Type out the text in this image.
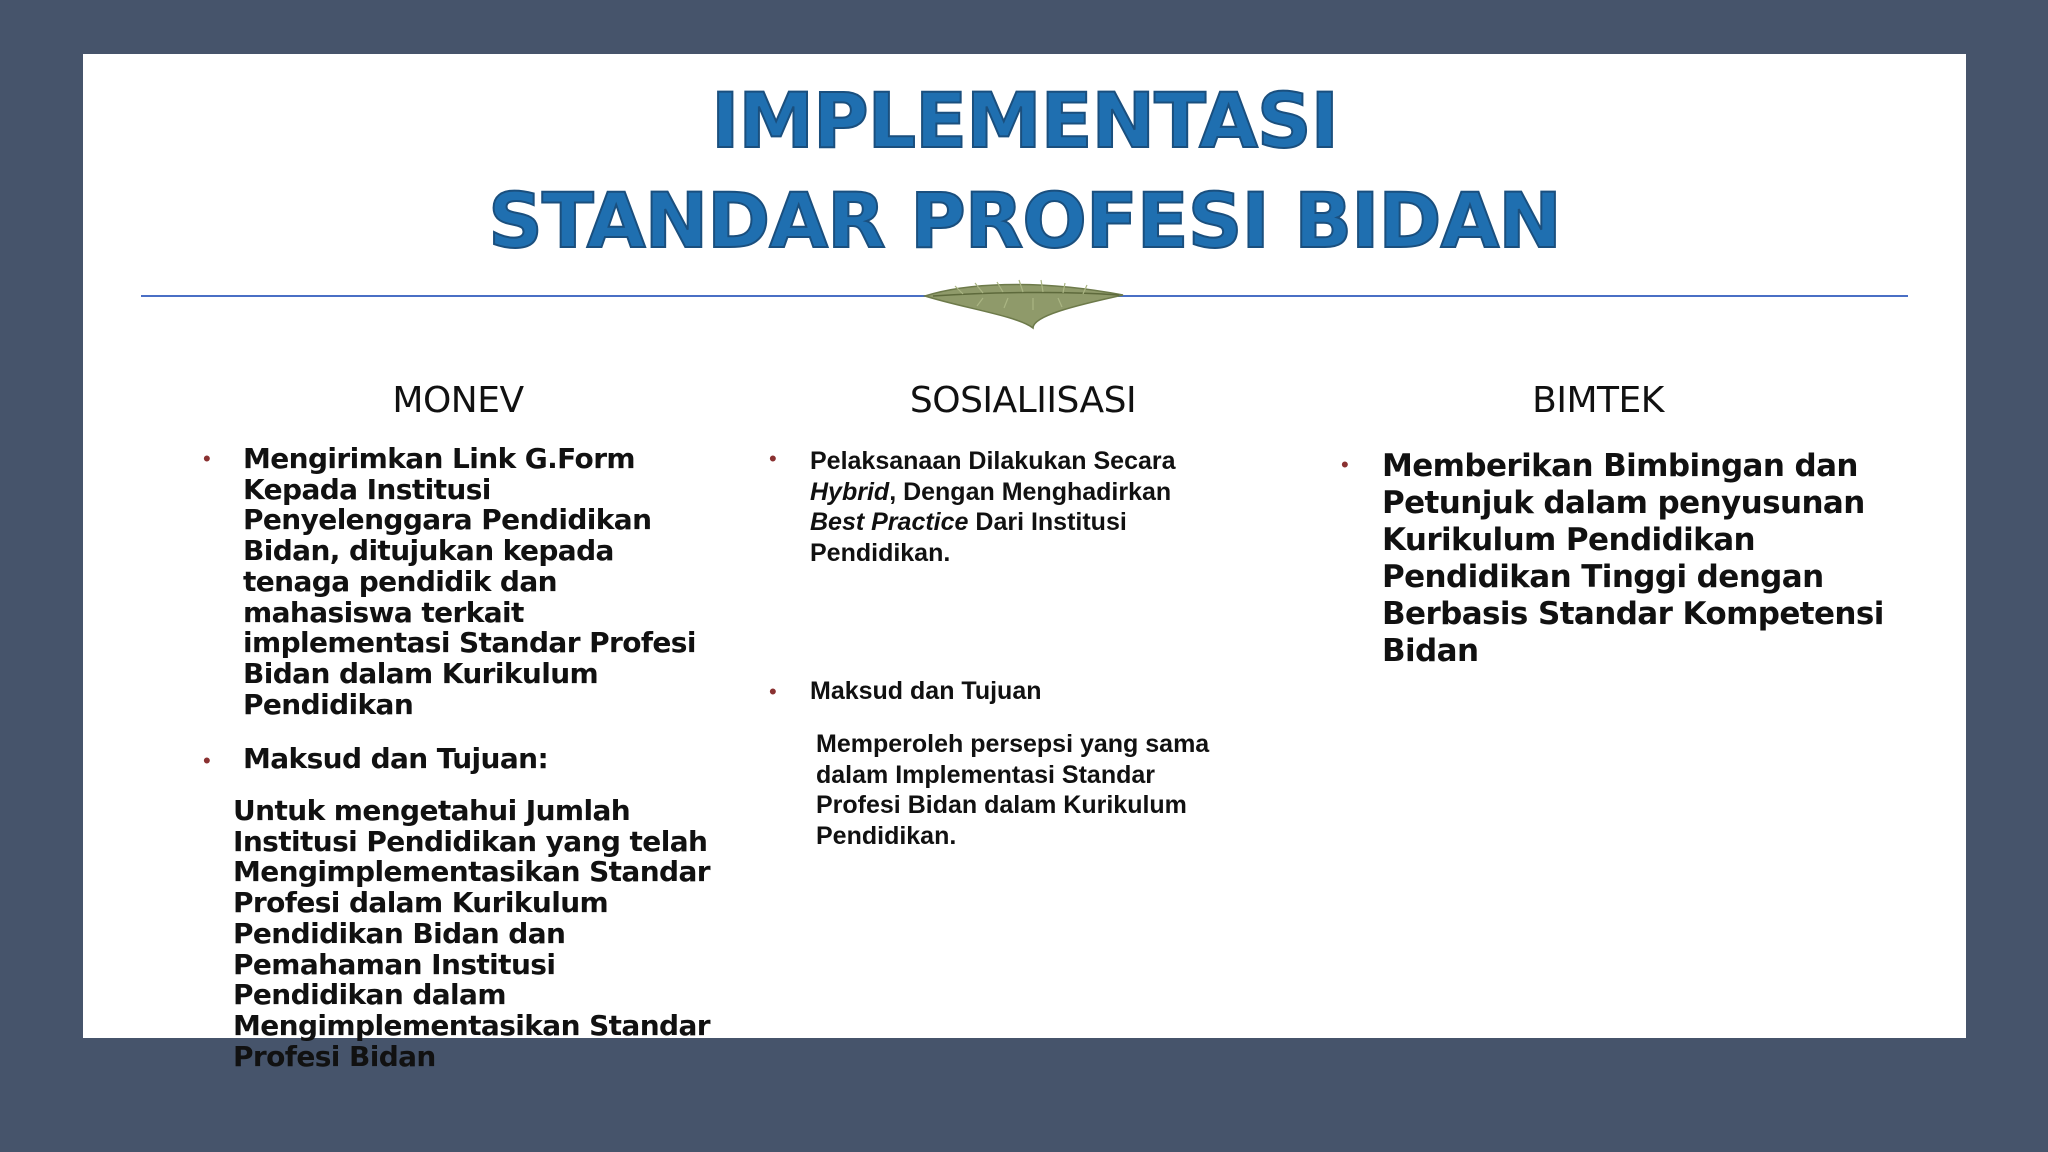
IMPLEMENTASI
STANDAR PROFESI BIDAN
MONEV
• Mengirimkan Link G.Form
Kepada Institusi
Penyelenggara Pendidikan
Bidan, ditujukan kepada
tenaga pendidik dan
mahasiswa terkait
implementasi Standar Profesi
Bidan dalam Kurikulum
Pendidikan
• Maksud dan Tujuan:
Untuk mengetahui Jumlah
Institusi Pendidikan yang telah
Mengimplementasikan Standar
Profesi dalam Kurikulum
Pendidikan Bidan dan
Pemahaman Institusi
Pendidikan dalam
Mengimplementasikan Standar
Profesi Bidan
SOSIALIISASI
• Pelaksanaan Dilakukan Secara
Hybrid, Dengan Menghadirkan
Best Practice Dari Institusi
Pendidikan.
• Maksud dan Tujuan
Memperoleh persepsi yang sama
dalam Implementasi Standar
Profesi Bidan dalam Kurikulum
Pendidikan.
BIMTEK
• Memberikan Bimbingan dan
Petunjuk dalam penyusunan
Kurikulum Pendidikan
Pendidikan Tinggi dengan
Berbasis Standar Kompetensi
Bidan
